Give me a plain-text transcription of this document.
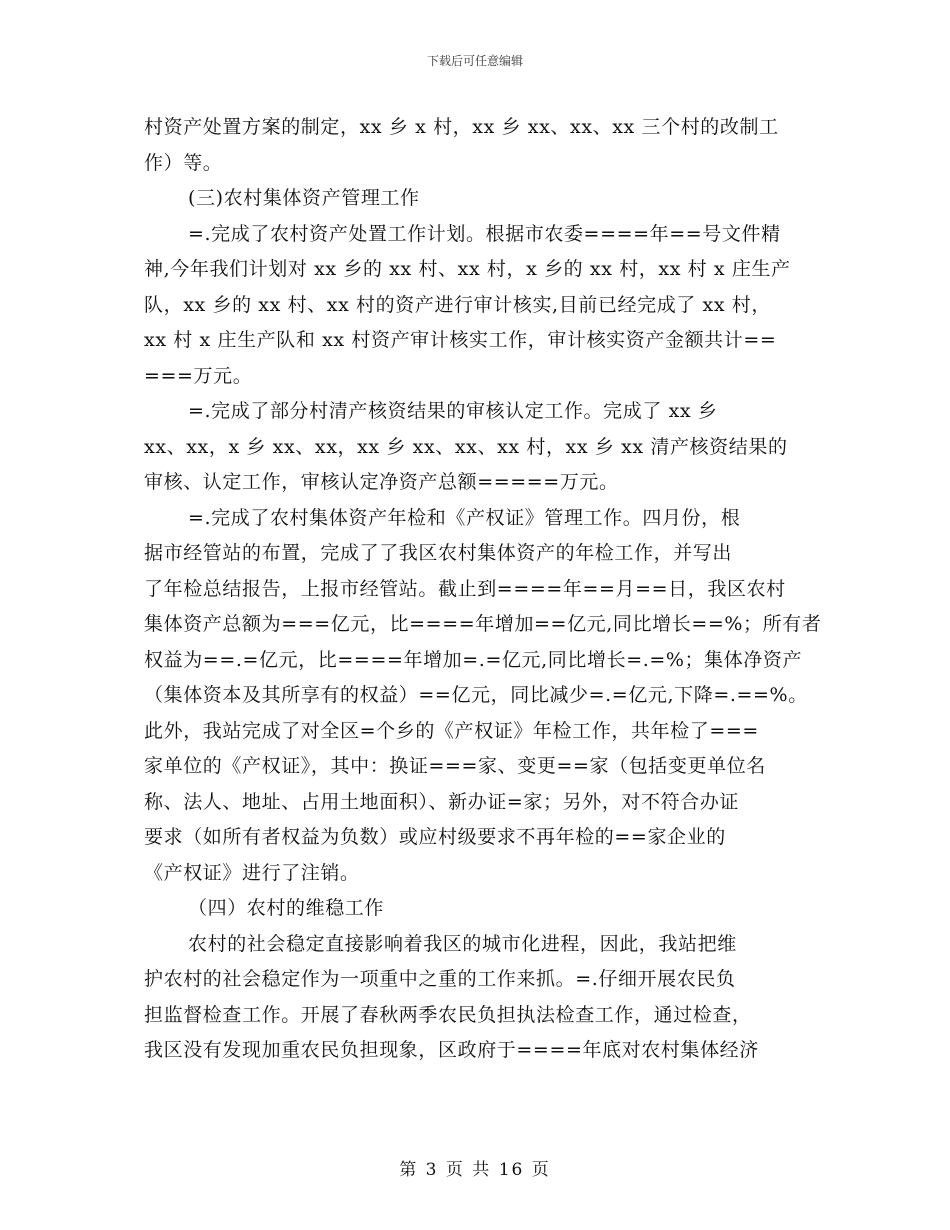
下载后可任意编辑
村资产处置方案的制定，xx 乡 x 村，xx 乡 xx、xx、xx 三个村的改制工
作）等。
(三)农村集体资产管理工作
=.完成了农村资产处置工作计划。根据市农委====年==号文件精
神,今年我们计划对 xx 乡的 xx 村、xx 村，x 乡的 xx 村，xx 村 x 庄生产
队，xx 乡的 xx 村、xx 村的资产进行审计核实,目前已经完成了 xx 村，
xx 村 x 庄生产队和 xx 村资产审计核实工作，审计核实资产金额共计==
===万元。
=.完成了部分村清产核资结果的审核认定工作。完成了 xx 乡
xx、xx，x 乡 xx、xx，xx 乡 xx、xx、xx 村，xx 乡 xx 清产核资结果的
审核、认定工作，审核认定净资产总额=====万元。
=.完成了农村集体资产年检和《产权证》管理工作。四月份，根
据市经管站的布置，完成了了我区农村集体资产的年检工作，并写出
了年检总结报告，上报市经管站。截止到====年==月==日，我区农村
集体资产总额为===亿元，比====年增加==亿元,同比增长==%；所有者
权益为==.=亿元，比====年增加=.=亿元,同比增长=.=%；集体净资产
（集体资本及其所享有的权益）==亿元，同比减少=.=亿元,下降=.==%。
此外，我站完成了对全区=个乡的《产权证》年检工作，共年检了===
家单位的《产权证》，其中：换证===家、变更==家（包括变更单位名
称、法人、地址、占用土地面积）、新办证=家；另外，对不符合办证
要求（如所有者权益为负数）或应村级要求不再年检的==家企业的
《产权证》进行了注销。
（四）农村的维稳工作
农村的社会稳定直接影响着我区的城市化进程，因此，我站把维
护农村的社会稳定作为一项重中之重的工作来抓。=.仔细开展农民负
担监督检查工作。开展了春秋两季农民负担执法检查工作，通过检查，
我区没有发现加重农民负担现象，区政府于====年底对农村集体经济
第 3 页 共 16 页
